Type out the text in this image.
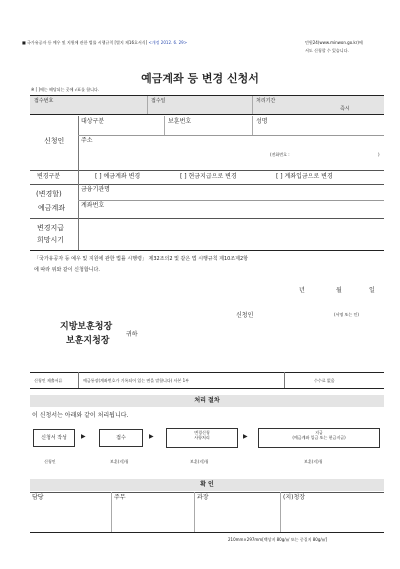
■ 국가유공자 등 예우 및 지원에 관한 법률 시행규칙 [별지 제16호서식] <개정 2012. 6. 29>	민원24(www.minwon.go.kr)에
서도 신청할 수 있습니다.
예금계좌 등 변경 신청서
※ [ ]에는 해당되는 곳에 √표를 합니다.
접수번호	접수일	처리기간
즉시
신청인
대상구분	보훈번호	성명
주소
(전화번호 :	)
변경구분	[ ] 예금계좌 변경	[ ] 현금지급으로 변경	[ ] 계좌입금으로 변경
(변경할)
예금계좌
금융기관명
계좌번호
변경지급
희망시기
「국가유공자 등 예우 및 지원에 관한 법률 시행령」 제32조의2 및 같은 법 시행규칙 제10조제2항
에 따라 위와 같이 신청합니다.
년	월	일
신청인	(서명 또는 인)
지방보훈청장
보훈지청장
귀하
신청인 제출서류	예금통장(계좌번호가 기록되어 있는 면을 말합니다) 사본 1부	수수료 없음
처리 절차
이 신청서는 아래와 같이 처리됩니다.
신청서 작성	▶	접수	▶
변경신청
사항처리	▶
지급
(예금계좌 입금 또는 현금지급)
신청인	보훈(지)청	보훈(지)청	보훈(지)청
확 인
담당	주무	과장	(지)청장
210mm×297mm[백상지 80g/㎡ 또는 중질지 80g/㎡]
